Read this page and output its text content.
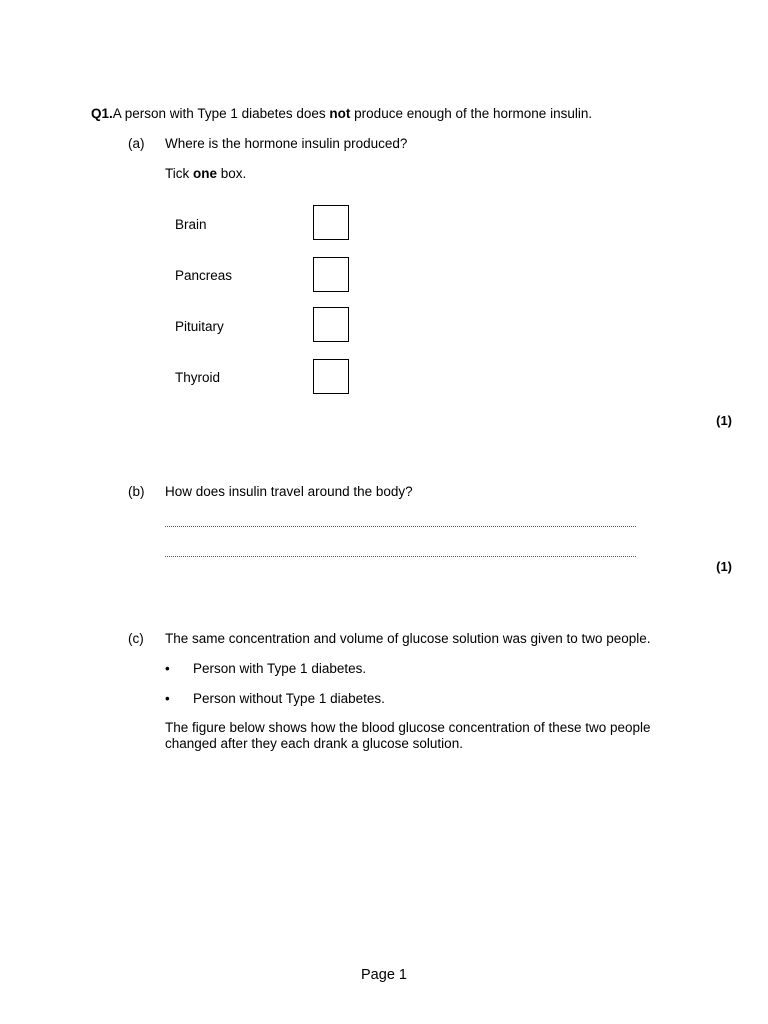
Q1.A person with Type 1 diabetes does not produce enough of the hormone insulin.
(a) Where is the hormone insulin produced?
Tick one box.
Brain
Pancreas
Pituitary
Thyroid
(1)
(b) How does insulin travel around the body?
(1)
(c) The same concentration and volume of glucose solution was given to two people.
• Person with Type 1 diabetes.
• Person without Type 1 diabetes.
The figure below shows how the blood glucose concentration of these two people
changed after they each drank a glucose solution.
Page 1
